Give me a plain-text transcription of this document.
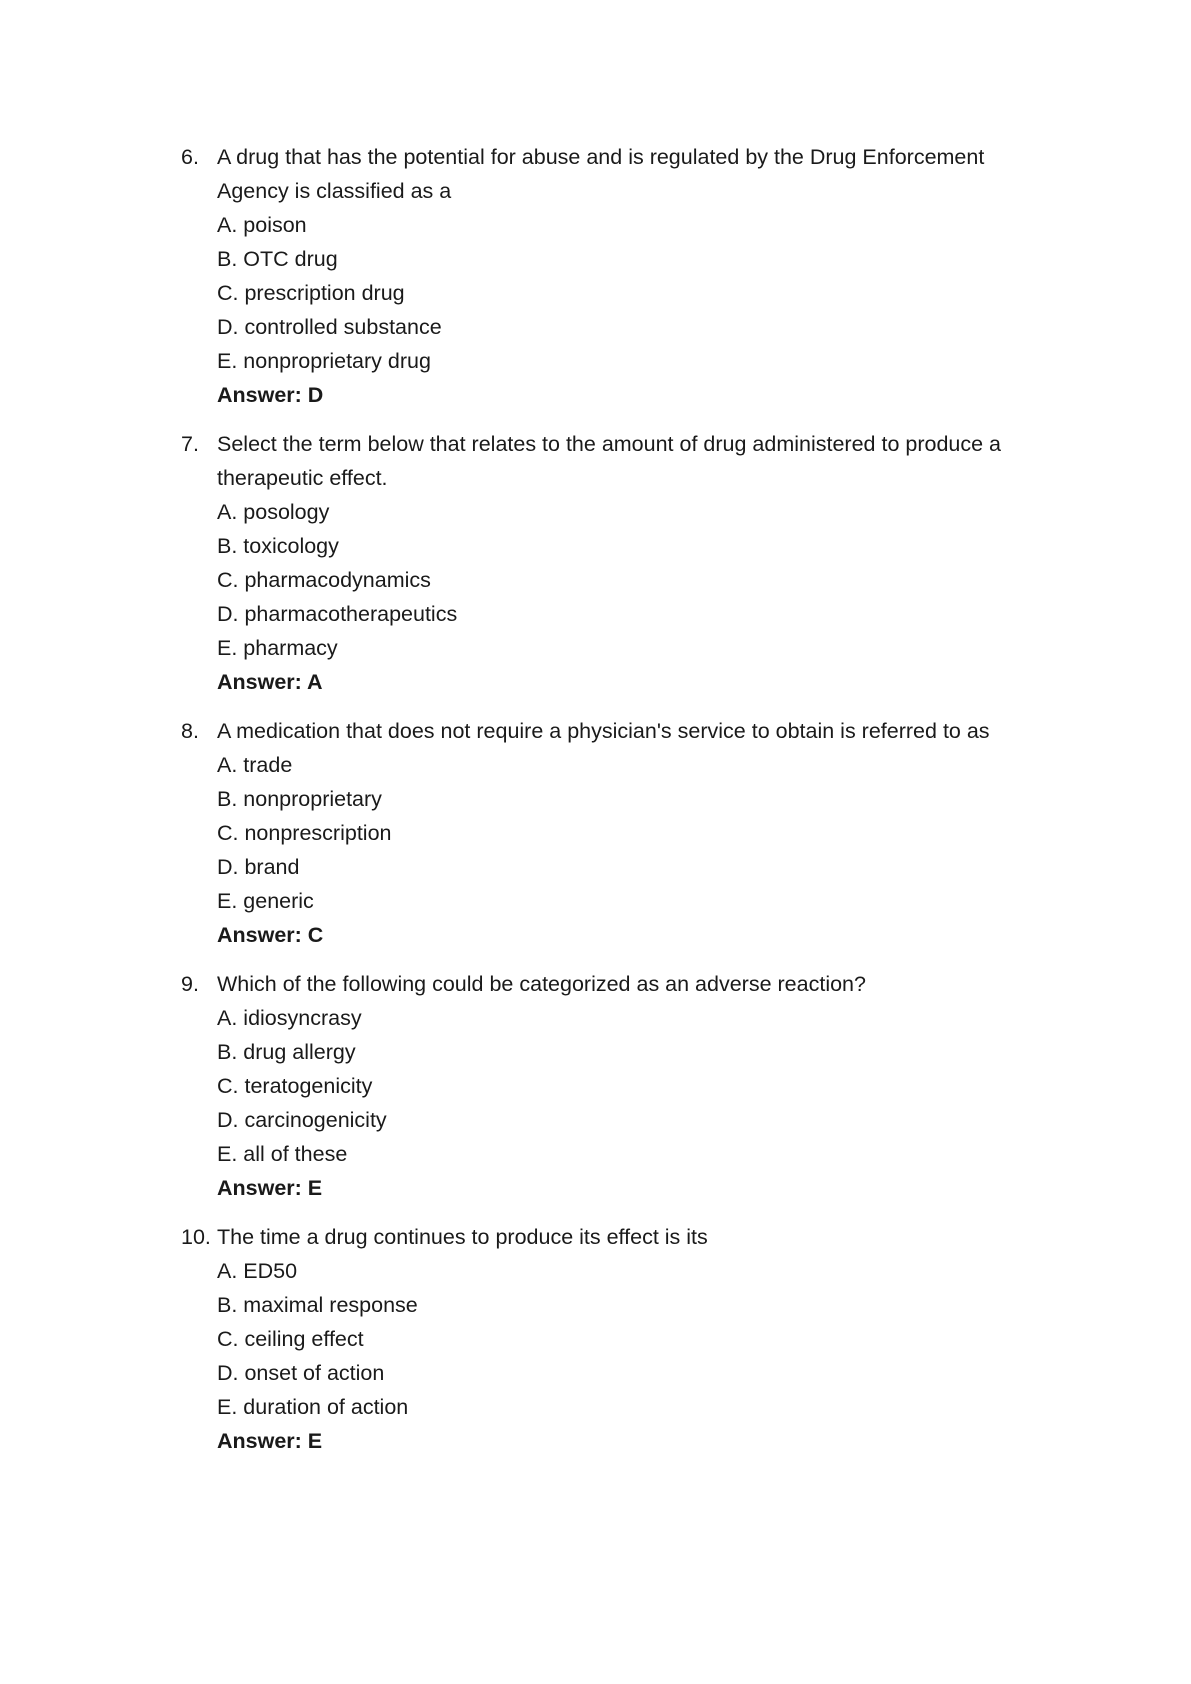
6. A drug that has the potential for abuse and is regulated by the Drug Enforcement Agency is classified as a

A. poison
B. OTC drug
C. prescription drug
D. controlled substance
E. nonproprietary drug
Answer: D
7. Select the term below that relates to the amount of drug administered to produce a therapeutic effect.

A. posology
B. toxicology
C. pharmacodynamics
D. pharmacotherapeutics
E. pharmacy
Answer: A
8. A medication that does not require a physician's service to obtain is referred to as

A. trade
B. nonproprietary
C. nonprescription
D. brand
E. generic
Answer: C
9. Which of the following could be categorized as an adverse reaction?

A. idiosyncrasy
B. drug allergy
C. teratogenicity
D. carcinogenicity
E. all of these
Answer: E
10. The time a drug continues to produce its effect is its

A. ED50
B. maximal response
C. ceiling effect
D. onset of action
E. duration of action
Answer: E
